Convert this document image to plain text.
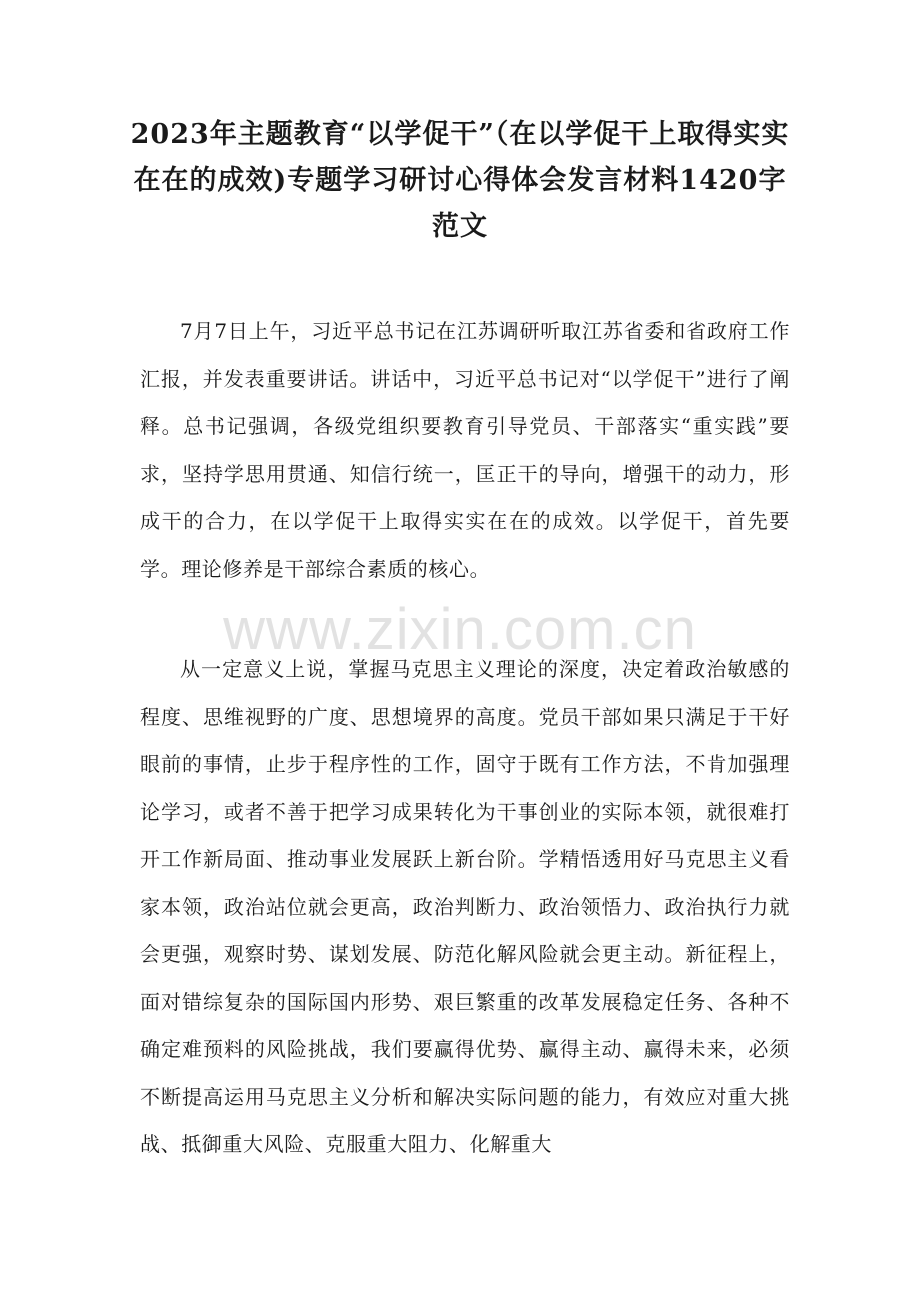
2023年主题教育“以学促干”（在以学促干上取得实实在在的成效)专题学习研讨心得体会发言材料1420字范文

7月7日上午，习近平总书记在江苏调研听取江苏省委和省政府工作汇报，并发表重要讲话。讲话中，习近平总书记对“以学促干”进行了阐释。总书记强调，各级党组织要教育引导党员、干部落实“重实践”要求，坚持学思用贯通、知信行统一，匡正干的导向，增强干的动力，形成干的合力，在以学促干上取得实实在在的成效。以学促干，首先要学。理论修养是干部综合素质的核心。

www.zixin.com.cn

从一定意义上说，掌握马克思主义理论的深度，决定着政治敏感的程度、思维视野的广度、思想境界的高度。党员干部如果只满足于干好眼前的事情，止步于程序性的工作，固守于既有工作方法，不肯加强理论学习，或者不善于把学习成果转化为干事创业的实际本领，就很难打开工作新局面、推动事业发展跃上新台阶。学精悟透用好马克思主义看家本领，政治站位就会更高，政治判断力、政治领悟力、政治执行力就会更强，观察时势、谋划发展、防范化解风险就会更主动。新征程上，面对错综复杂的国际国内形势、艰巨繁重的改革发展稳定任务、各种不确定难预料的风险挑战，我们要赢得优势、赢得主动、赢得未来，必须不断提高运用马克思主义分析和解决实际问题的能力，有效应对重大挑战、抵御重大风险、克服重大阻力、化解重大
